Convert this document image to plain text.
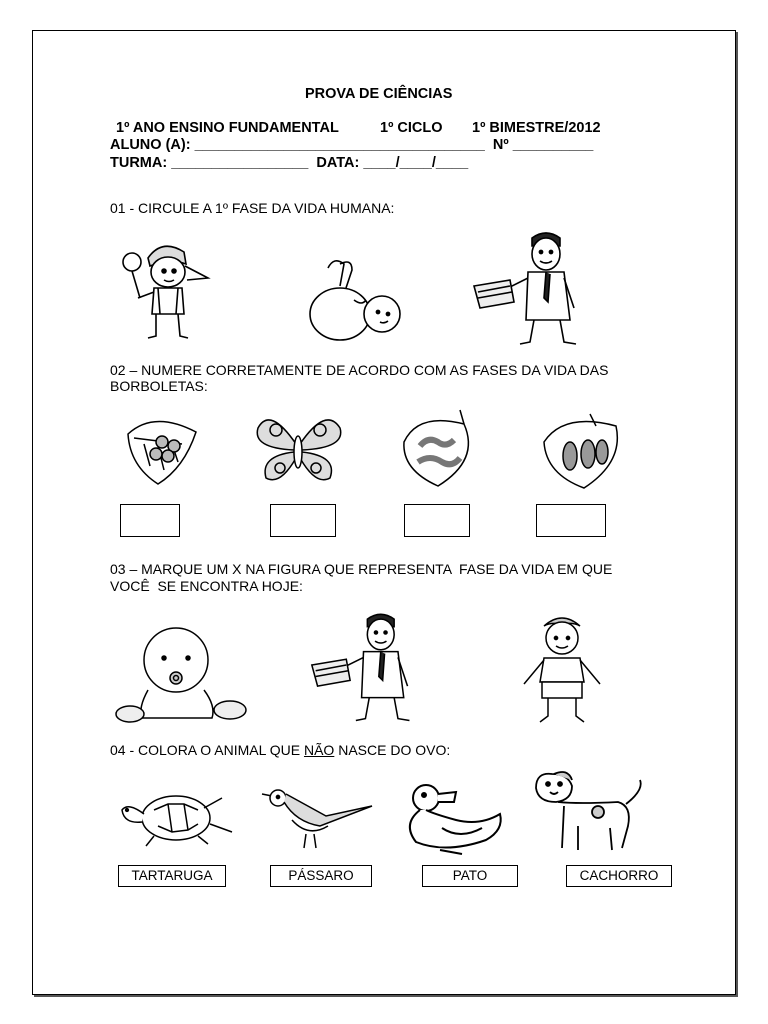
PROVA DE CIÊNCIAS
1º ANO ENSINO FUNDAMENTAL	1º CICLO 1º BIMESTRE/2012
ALUNO (A): ____________________________________  Nº __________
TURMA: _________________  DATA: ____/____/____
01 - CIRCULE A 1º FASE DA VIDA HUMANA:
02 – NUMERE CORRETAMENTE DE ACORDO COM AS FASES DA VIDA DAS
BORBOLETAS:
03 – MARQUE UM X NA FIGURA QUE REPRESENTA  FASE DA VIDA EM QUE
VOCÊ  SE ENCONTRA HOJE:
04 - COLORA O ANIMAL QUE NÃO NASCE DO OVO:
TARTARUGA	PÁSSARO	PATO	CACHORRO
